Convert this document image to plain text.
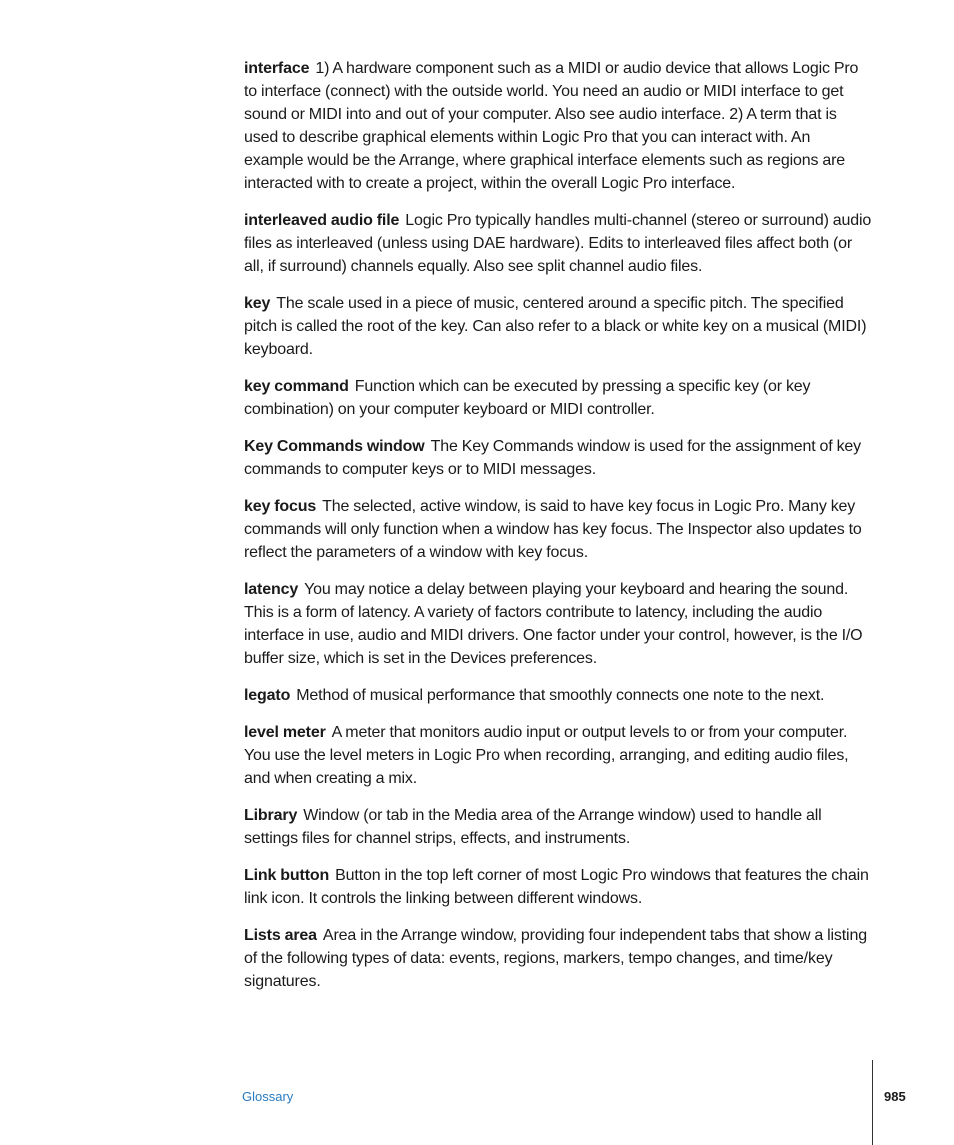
interface 1) A hardware component such as a MIDI or audio device that allows Logic Pro to interface (connect) with the outside world. You need an audio or MIDI interface to get sound or MIDI into and out of your computer. Also see audio interface. 2) A term that is used to describe graphical elements within Logic Pro that you can interact with. An example would be the Arrange, where graphical interface elements such as regions are interacted with to create a project, within the overall Logic Pro interface.

interleaved audio file Logic Pro typically handles multi-channel (stereo or surround) audio files as interleaved (unless using DAE hardware). Edits to interleaved files affect both (or all, if surround) channels equally. Also see split channel audio files.

key The scale used in a piece of music, centered around a specific pitch. The specified pitch is called the root of the key. Can also refer to a black or white key on a musical (MIDI) keyboard.

key command Function which can be executed by pressing a specific key (or key combination) on your computer keyboard or MIDI controller.

Key Commands window The Key Commands window is used for the assignment of key commands to computer keys or to MIDI messages.

key focus The selected, active window, is said to have key focus in Logic Pro. Many key commands will only function when a window has key focus. The Inspector also updates to reflect the parameters of a window with key focus.

latency You may notice a delay between playing your keyboard and hearing the sound. This is a form of latency. A variety of factors contribute to latency, including the audio interface in use, audio and MIDI drivers. One factor under your control, however, is the I/O buffer size, which is set in the Devices preferences.

legato Method of musical performance that smoothly connects one note to the next.

level meter A meter that monitors audio input or output levels to or from your computer. You use the level meters in Logic Pro when recording, arranging, and editing audio files, and when creating a mix.

Library Window (or tab in the Media area of the Arrange window) used to handle all settings files for channel strips, effects, and instruments.

Link button Button in the top left corner of most Logic Pro windows that features the chain link icon. It controls the linking between different windows.

Lists area Area in the Arrange window, providing four independent tabs that show a listing of the following types of data: events, regions, markers, tempo changes, and time/key signatures.

Glossary	985
